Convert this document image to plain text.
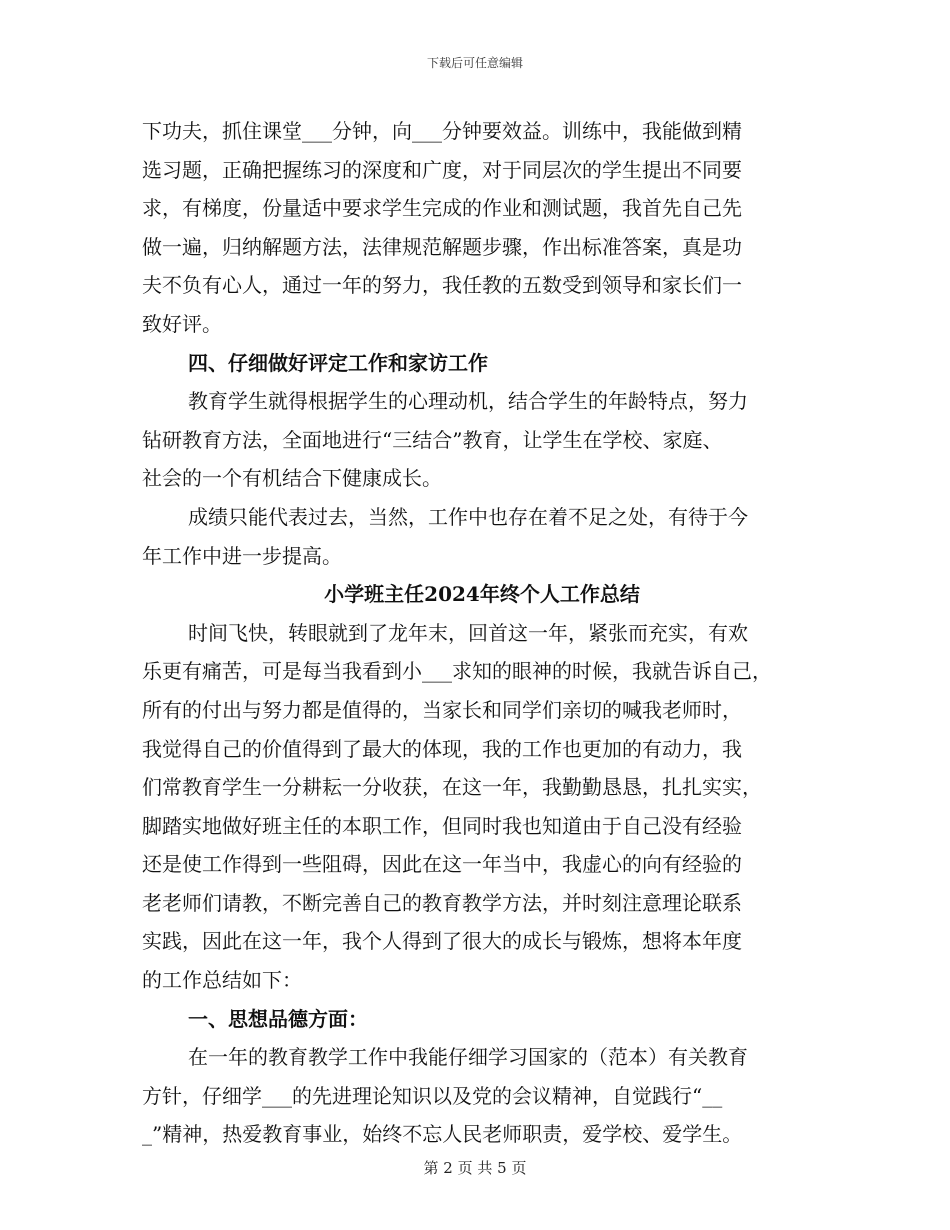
下载后可任意编辑
下功夫，抓住课堂___分钟，向___分钟要效益。训练中，我能做到精
选习题，正确把握练习的深度和广度，对于同层次的学生提出不同要
求，有梯度，份量适中要求学生完成的作业和测试题，我首先自己先
做一遍，归纳解题方法，法律规范解题步骤，作出标准答案，真是功
夫不负有心人，通过一年的努力，我任教的五数受到领导和家长们一
致好评。
四、仔细做好评定工作和家访工作
教育学生就得根据学生的心理动机，结合学生的年龄特点，努力
钻研教育方法，全面地进行“三结合”教育，让学生在学校、家庭、
社会的一个有机结合下健康成长。
成绩只能代表过去，当然，工作中也存在着不足之处，有待于今
年工作中进一步提高。
小学班主任2024年终个人工作总结
时间飞快，转眼就到了龙年末，回首这一年，紧张而充实，有欢
乐更有痛苦，可是每当我看到小___求知的眼神的时候，我就告诉自己，
所有的付出与努力都是值得的，当家长和同学们亲切的喊我老师时，
我觉得自己的价值得到了最大的体现，我的工作也更加的有动力，我
们常教育学生一分耕耘一分收获，在这一年，我勤勤恳恳，扎扎实实，
脚踏实地做好班主任的本职工作，但同时我也知道由于自己没有经验
还是使工作得到一些阻碍，因此在这一年当中，我虚心的向有经验的
老老师们请教，不断完善自己的教育教学方法，并时刻注意理论联系
实践，因此在这一年，我个人得到了很大的成长与锻炼，想将本年度
的工作总结如下：
一、思想品德方面：
在一年的教育教学工作中我能仔细学习国家的（范本）有关教育
方针，仔细学___的先进理论知识以及党的会议精神，自觉践行“__
_”精神，热爱教育事业，始终不忘人民老师职责，爱学校、爱学生。
第 2 页 共 5 页
